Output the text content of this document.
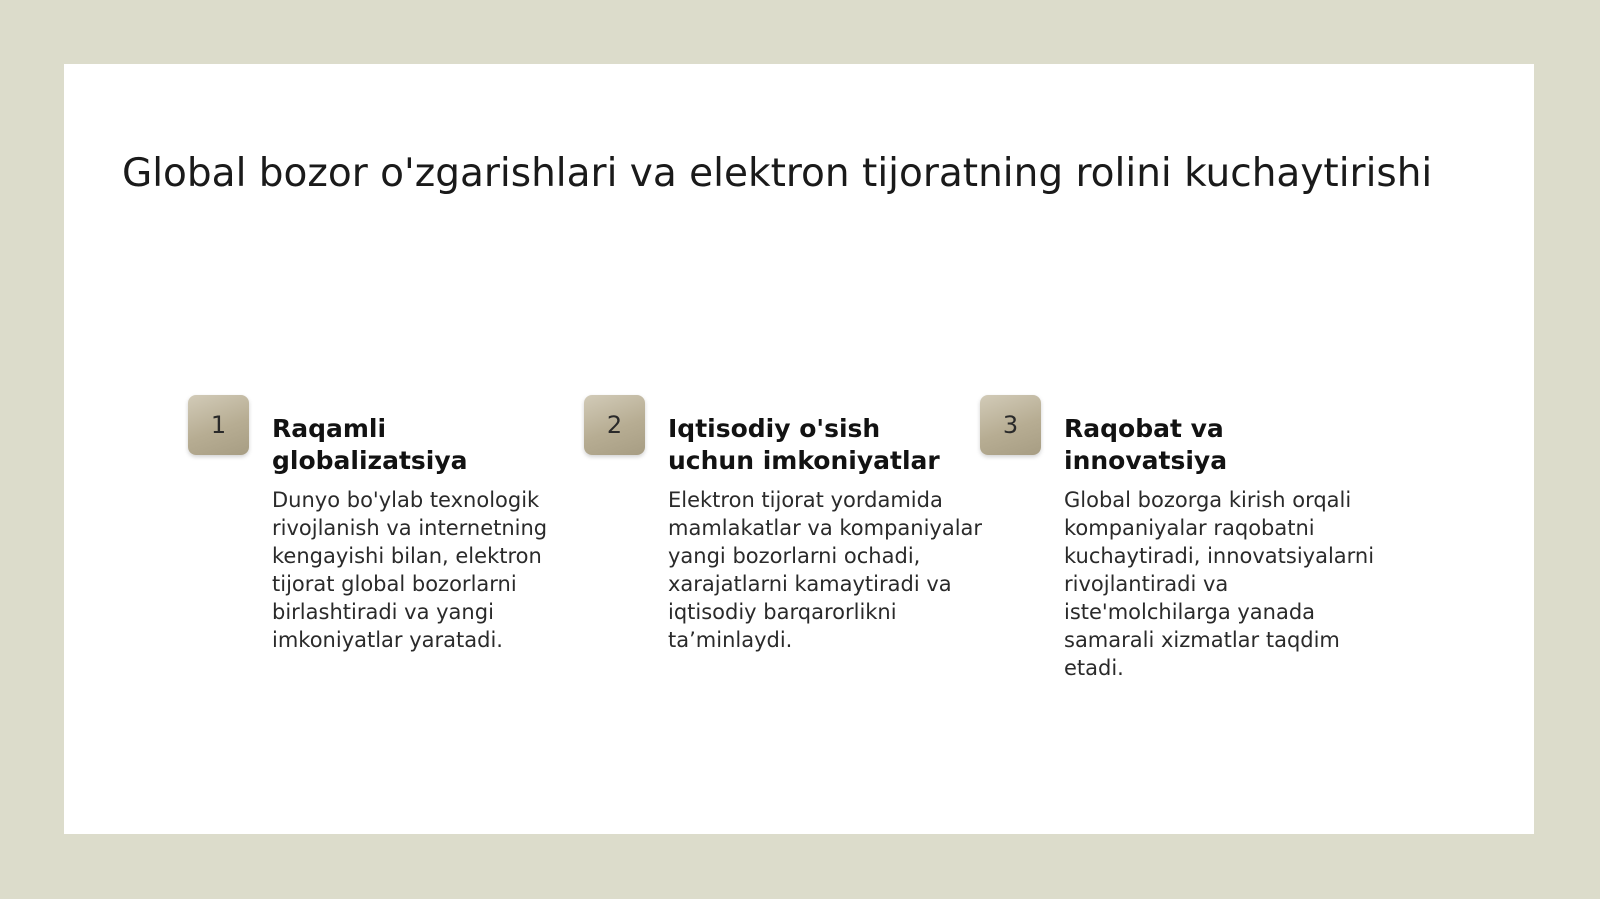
Global bozor o'zgarishlari va elektron tijoratning rolini kuchaytirishi
1	Raqamli globalizatsiya

Dunyo bo'ylab texnologik rivojlanish va internetning kengayishi bilan, elektron tijorat global bozorlarni birlashtiradi va yangi imkoniyatlar yaratadi.

2	Iqtisodiy o'sish uchun imkoniyatlar

Elektron tijorat yordamida mamlakatlar va kompaniyalar yangi bozorlarni ochadi, xarajatlarni kamaytiradi va iqtisodiy barqarorlikni ta’minlaydi.

3	Raqobat va innovatsiya

Global bozorga kirish orqali kompaniyalar raqobatni kuchaytiradi, innovatsiyalarni rivojlantiradi va iste'molchilarga yanada samarali xizmatlar taqdim etadi.
